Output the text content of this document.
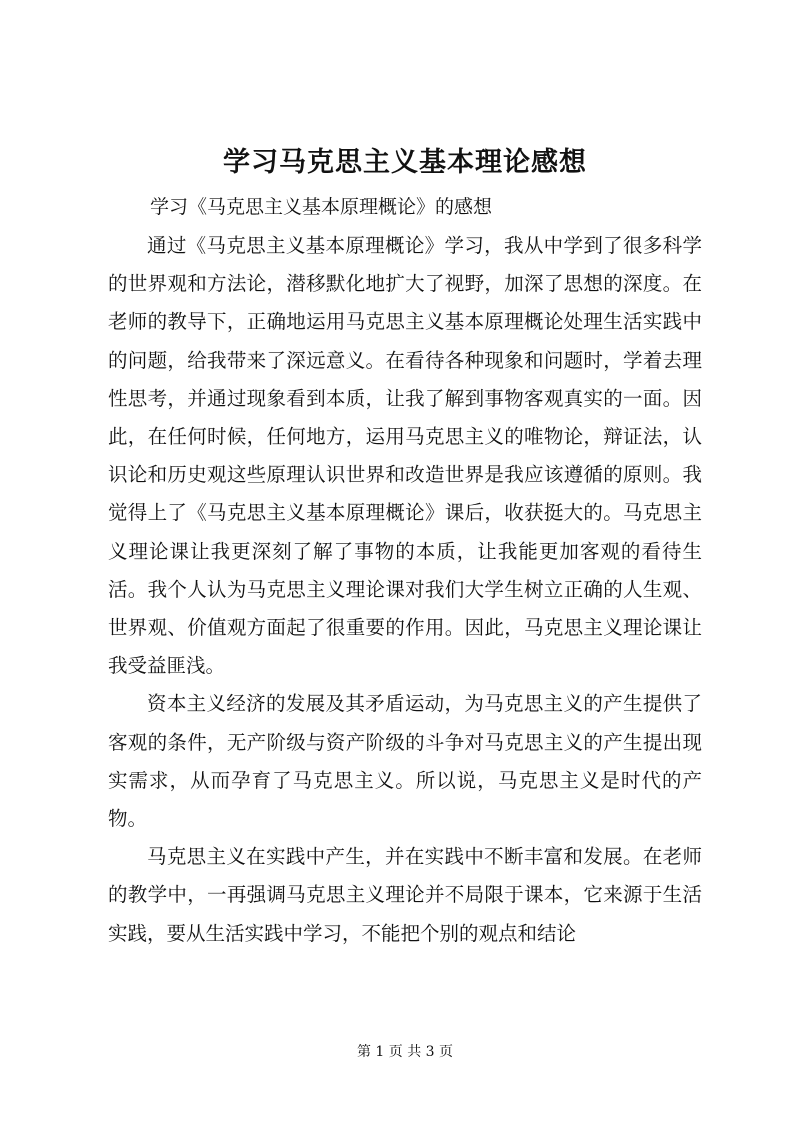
学习马克思主义基本理论感想
学习《马克思主义基本原理概论》的感想

通过《马克思主义基本原理概论》学习，我从中学到了很多科学的世界观和方法论，潜移默化地扩大了视野，加深了思想的深度。在老师的教导下，正确地运用马克思主义基本原理概论处理生活实践中的问题，给我带来了深远意义。在看待各种现象和问题时，学着去理性思考，并通过现象看到本质，让我了解到事物客观真实的一面。因此，在任何时候，任何地方，运用马克思主义的唯物论，辩证法，认识论和历史观这些原理认识世界和改造世界是我应该遵循的原则。我觉得上了《马克思主义基本原理概论》课后，收获挺大的。马克思主义理论课让我更深刻了解了事物的本质，让我能更加客观的看待生活。我个人认为马克思主义理论课对我们大学生树立正确的人生观、世界观、价值观方面起了很重要的作用。因此，马克思主义理论课让我受益匪浅。

资本主义经济的发展及其矛盾运动，为马克思主义的产生提供了客观的条件，无产阶级与资产阶级的斗争对马克思主义的产生提出现实需求，从而孕育了马克思主义。所以说，马克思主义是时代的产物。

马克思主义在实践中产生，并在实践中不断丰富和发展。在老师的教学中，一再强调马克思主义理论并不局限于课本，它来源于生活实践，要从生活实践中学习，不能把个别的观点和结论

第 1 页 共 3 页
